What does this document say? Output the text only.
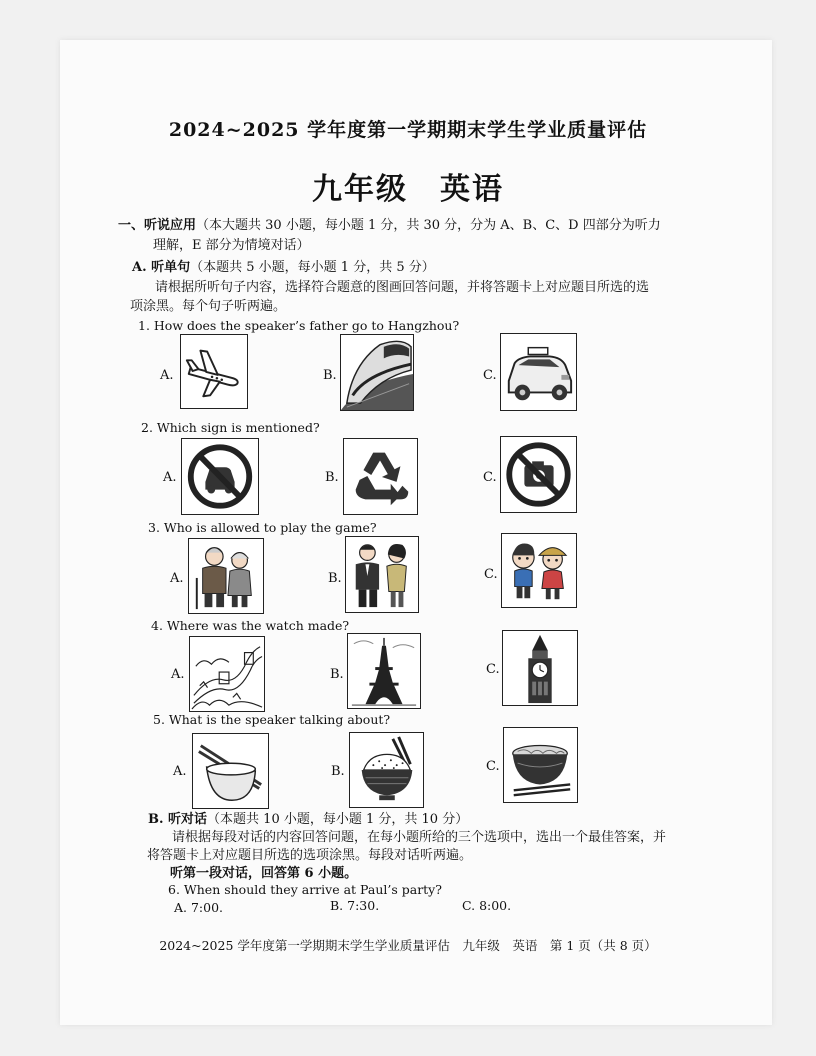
2024~2025 学年度第一学期期末学生学业质量评估
九年级　英语
一、听说应用（本大题共 30 小题，每小题 1 分，共 30 分，分为 A、B、C、D 四部分为听力
理解，E 部分为情境对话）
A. 听单句（本题共 5 小题，每小题 1 分，共 5 分）
请根据所听句子内容，选择符合题意的图画回答问题，并将答题卡上对应题目所选的选
项涂黑。每个句子听两遍。
1. How does the speaker’s father go to Hangzhou?
A.	B.	C.
2. Which sign is mentioned?
A.	B.	C.
3. Who is allowed to play the game?
A.	B.	C.
4. Where was the watch made?
A.	B.	C.
5. What is the speaker talking about?
A.	B.	C.
B. 听对话（本题共 10 小题，每小题 1 分，共 10 分）
请根据每段对话的内容回答问题，在每小题所给的三个选项中，选出一个最佳答案，并
将答题卡上对应题目所选的选项涂黑。每段对话听两遍。
听第一段对话，回答第 6 小题。
6. When should they arrive at Paul’s party?
A. 7:00.	B. 7:30.	C. 8:00.
2024~2025 学年度第一学期期末学生学业质量评估　九年级　英语　第 1 页（共 8 页）
